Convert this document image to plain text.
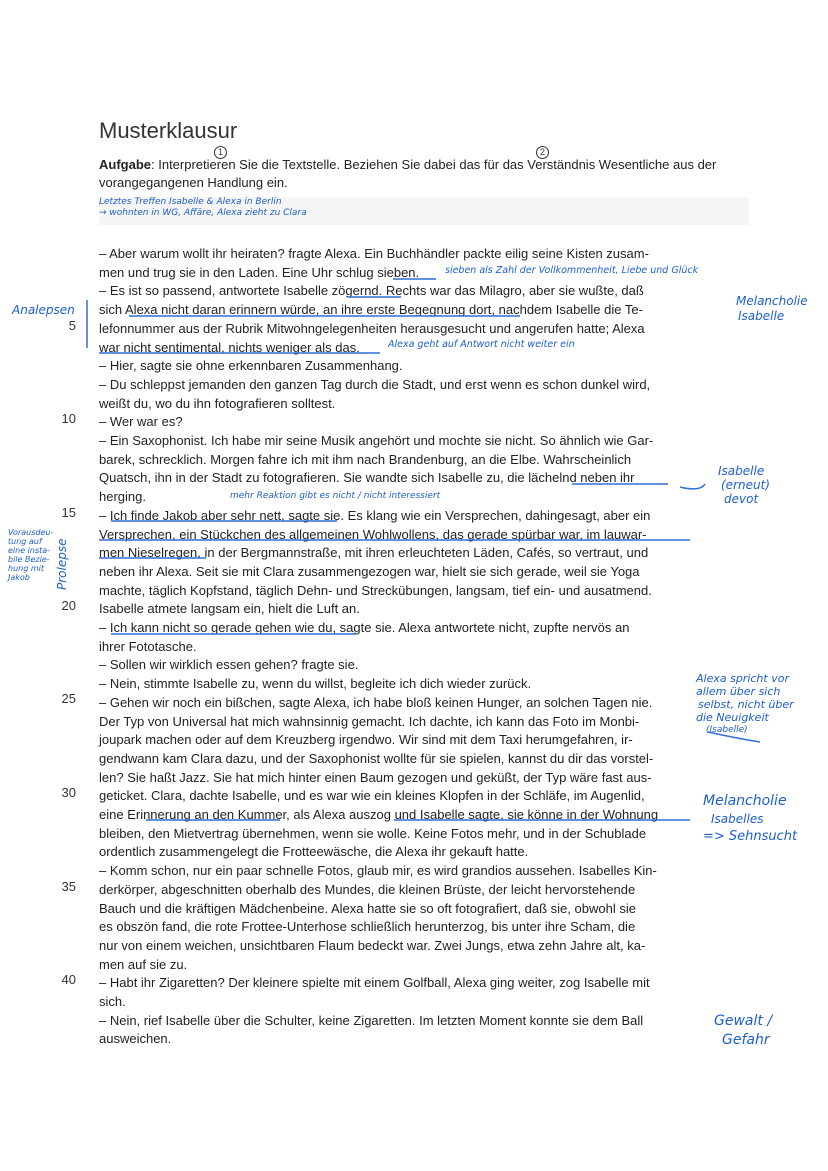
Musterklausur
1	2
Aufgabe: Interpretieren Sie die Textstelle. Beziehen Sie dabei das für das Verständnis Wesentliche aus der vorangegangenen Handlung ein.
Letztes Treffen Isabelle & Alexa in Berlin
→ wohnten in WG, Affäre, Alexa zieht zu Clara
5
10
15
20
25
30
35
40
– Aber warum wollt ihr heiraten? fragte Alexa. Ein Buchhändler packte eilig seine Kisten zusam-
men und trug sie in den Laden. Eine Uhr schlug sieben.
– Es ist so passend, antwortete Isabelle zögernd. Rechts war das Milagro, aber sie wußte, daß
sich Alexa nicht daran erinnern würde, an ihre erste Begegnung dort, nachdem Isabelle die Te-
lefonnummer aus der Rubrik Mitwohngelegenheiten herausgesucht und angerufen hatte; Alexa
war nicht sentimental, nichts weniger als das.
– Hier, sagte sie ohne erkennbaren Zusammenhang.
– Du schleppst jemanden den ganzen Tag durch die Stadt, und erst wenn es schon dunkel wird,
weißt du, wo du ihn fotografieren solltest.
– Wer war es?
– Ein Saxophonist. Ich habe mir seine Musik angehört und mochte sie nicht. So ähnlich wie Gar-
barek, schrecklich. Morgen fahre ich mit ihm nach Brandenburg, an die Elbe. Wahrscheinlich
Quatsch, ihn in der Stadt zu fotografieren. Sie wandte sich Isabelle zu, die lächelnd neben ihr
herging.
– Ich finde Jakob aber sehr nett, sagte sie. Es klang wie ein Versprechen, dahingesagt, aber ein
Versprechen, ein Stückchen des allgemeinen Wohlwollens, das gerade spürbar war, im lauwar-
men Nieselregen, in der Bergmannstraße, mit ihren erleuchteten Läden, Cafés, so vertraut, und
neben ihr Alexa. Seit sie mit Clara zusammengezogen war, hielt sie sich gerade, weil sie Yoga
machte, täglich Kopfstand, täglich Dehn- und Streckübungen, langsam, tief ein- und ausatmend.
Isabelle atmete langsam ein, hielt die Luft an.
– Ich kann nicht so gerade gehen wie du, sagte sie. Alexa antwortete nicht, zupfte nervös an
ihrer Fototasche.
– Sollen wir wirklich essen gehen? fragte sie.
– Nein, stimmte Isabelle zu, wenn du willst, begleite ich dich wieder zurück.
– Gehen wir noch ein bißchen, sagte Alexa, ich habe bloß keinen Hunger, an solchen Tagen nie.
Der Typ von Universal hat mich wahnsinnig gemacht. Ich dachte, ich kann das Foto im Monbi-
joupark machen oder auf dem Kreuzberg irgendwo. Wir sind mit dem Taxi herumgefahren, ir-
gendwann kam Clara dazu, und der Saxophonist wollte für sie spielen, kannst du dir das vorstel-
len? Sie haßt Jazz. Sie hat mich hinter einen Baum gezogen und geküßt, der Typ wäre fast aus-
geticket. Clara, dachte Isabelle, und es war wie ein kleines Klopfen in der Schläfe, im Augenlid,
eine Erinnerung an den Kummer, als Alexa auszog und Isabelle sagte, sie könne in der Wohnung
bleiben, den Mietvertrag übernehmen, wenn sie wolle. Keine Fotos mehr, und in der Schublade
ordentlich zusammengelegt die Frotteewäsche, die Alexa ihr gekauft hatte.
– Komm schon, nur ein paar schnelle Fotos, glaub mir, es wird grandios aussehen. Isabelles Kin-
derkörper, abgeschnitten oberhalb des Mundes, die kleinen Brüste, der leicht hervorstehende
Bauch und die kräftigen Mädchenbeine. Alexa hatte sie so oft fotografiert, daß sie, obwohl sie
es obszön fand, die rote Frottee-Unterhose schließlich herunterzog, bis unter ihre Scham, die
nur von einem weichen, unsichtbaren Flaum bedeckt war. Zwei Jungs, etwa zehn Jahre alt, ka-
men auf sie zu.
– Habt ihr Zigaretten? Der kleinere spielte mit einem Golfball, Alexa ging weiter, zog Isabelle mit
sich.
– Nein, rief Isabelle über die Schulter, keine Zigaretten. Im letzten Moment konnte sie dem Ball
ausweichen.
sieben als Zahl der Vollkommenheit, Liebe und Glück
Alexa geht auf Antwort nicht weiter ein
mehr Reaktion gibt es nicht / nicht interessiert
Analepsen
Melancholie
Isabelle
Isabelle
(erneut)
devot
Vorausdeu-
tung auf
eine insta-
bile Bezie-
hung mit
Jakob	Prolepse
Alexa spricht vor
allem über sich
selbst, nicht über
die Neuigkeit
(Isabelle)
Melancholie
Isabelles
=> Sehnsucht
Gewalt /
Gefahr
